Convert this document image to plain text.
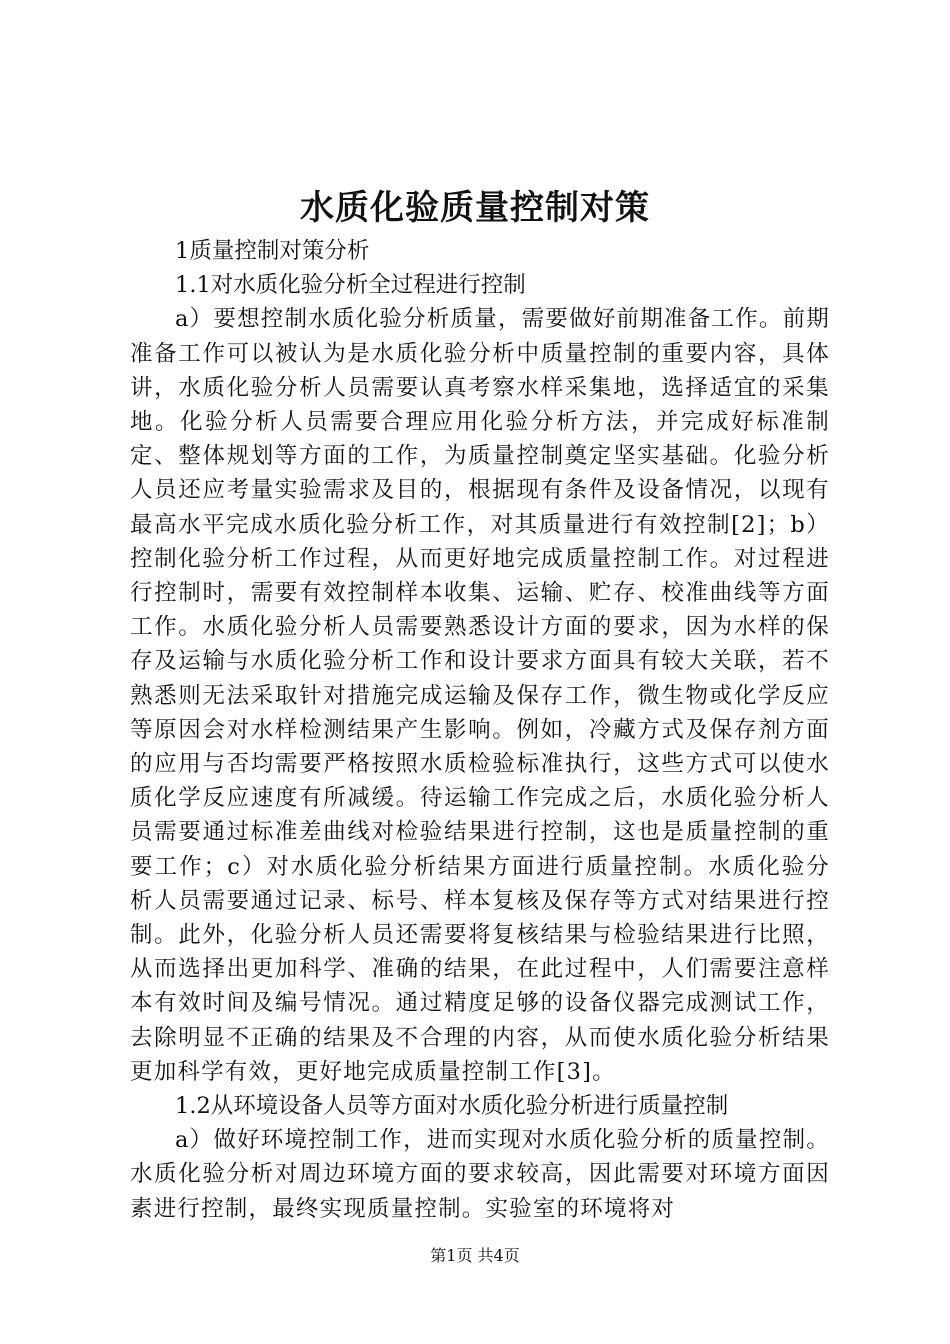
水质化验质量控制对策
1质量控制对策分析
1.1对水质化验分析全过程进行控制
a）要想控制水质化验分析质量，需要做好前期准备工作。前期准备工作可以被认为是水质化验分析中质量控制的重要内容，具体讲，水质化验分析人员需要认真考察水样采集地，选择适宜的采集地。化验分析人员需要合理应用化验分析方法，并完成好标准制定、整体规划等方面的工作，为质量控制奠定坚实基础。化验分析人员还应考量实验需求及目的，根据现有条件及设备情况，以现有最高水平完成水质化验分析工作，对其质量进行有效控制[2]；b）控制化验分析工作过程，从而更好地完成质量控制工作。对过程进行控制时，需要有效控制样本收集、运输、贮存、校准曲线等方面工作。水质化验分析人员需要熟悉设计方面的要求，因为水样的保存及运输与水质化验分析工作和设计要求方面具有较大关联，若不熟悉则无法采取针对措施完成运输及保存工作，微生物或化学反应等原因会对水样检测结果产生影响。例如，冷藏方式及保存剂方面的应用与否均需要严格按照水质检验标准执行，这些方式可以使水质化学反应速度有所减缓。待运输工作完成之后，水质化验分析人员需要通过标准差曲线对检验结果进行控制，这也是质量控制的重要工作；c）对水质化验分析结果方面进行质量控制。水质化验分析人员需要通过记录、标号、样本复核及保存等方式对结果进行控制。此外，化验分析人员还需要将复核结果与检验结果进行比照，从而选择出更加科学、准确的结果，在此过程中，人们需要注意样本有效时间及编号情况。通过精度足够的设备仪器完成测试工作，去除明显不正确的结果及不合理的内容，从而使水质化验分析结果更加科学有效，更好地完成质量控制工作[3]。
1.2从环境设备人员等方面对水质化验分析进行质量控制
a）做好环境控制工作，进而实现对水质化验分析的质量控制。水质化验分析对周边环境方面的要求较高，因此需要对环境方面因素进行控制，最终实现质量控制。实验室的环境将对
第1页 共4页
